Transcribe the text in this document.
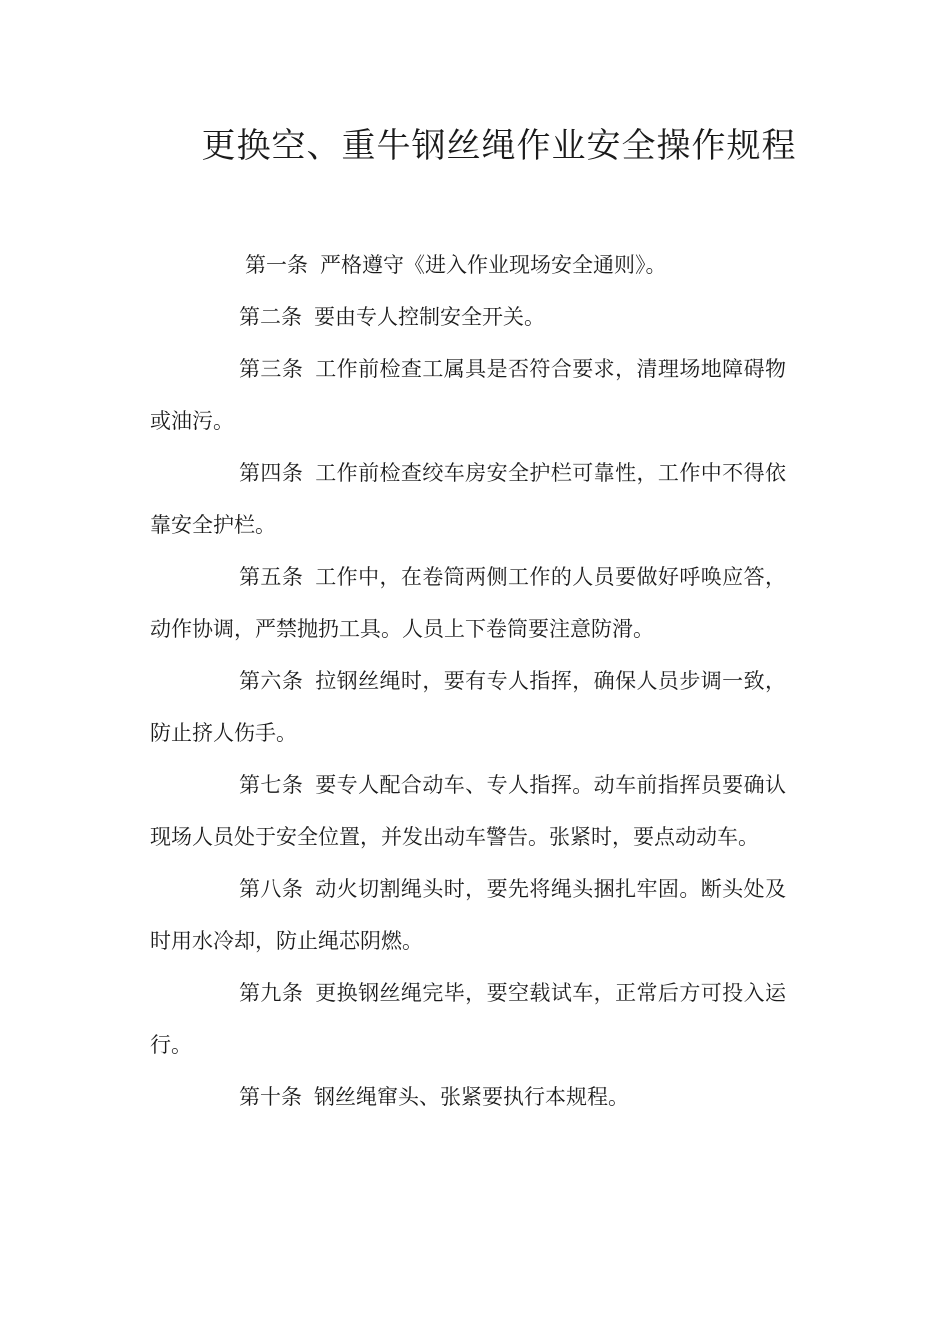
更换空、重牛钢丝绳作业安全操作规程

第一条 严格遵守《进入作业现场安全通则》。

第二条 要由专人控制安全开关。

第三条 工作前检查工属具是否符合要求，清理场地障碍物或油污。

第四条 工作前检查绞车房安全护栏可靠性，工作中不得依靠安全护栏。

第五条 工作中，在卷筒两侧工作的人员要做好呼唤应答，动作协调，严禁抛扔工具。人员上下卷筒要注意防滑。

第六条 拉钢丝绳时，要有专人指挥，确保人员步调一致，防止挤人伤手。

第七条 要专人配合动车、专人指挥。动车前指挥员要确认现场人员处于安全位置，并发出动车警告。张紧时，要点动动车。

第八条 动火切割绳头时，要先将绳头捆扎牢固。断头处及时用水冷却，防止绳芯阴燃。

第九条 更换钢丝绳完毕，要空载试车，正常后方可投入运行。

第十条 钢丝绳窜头、张紧要执行本规程。
